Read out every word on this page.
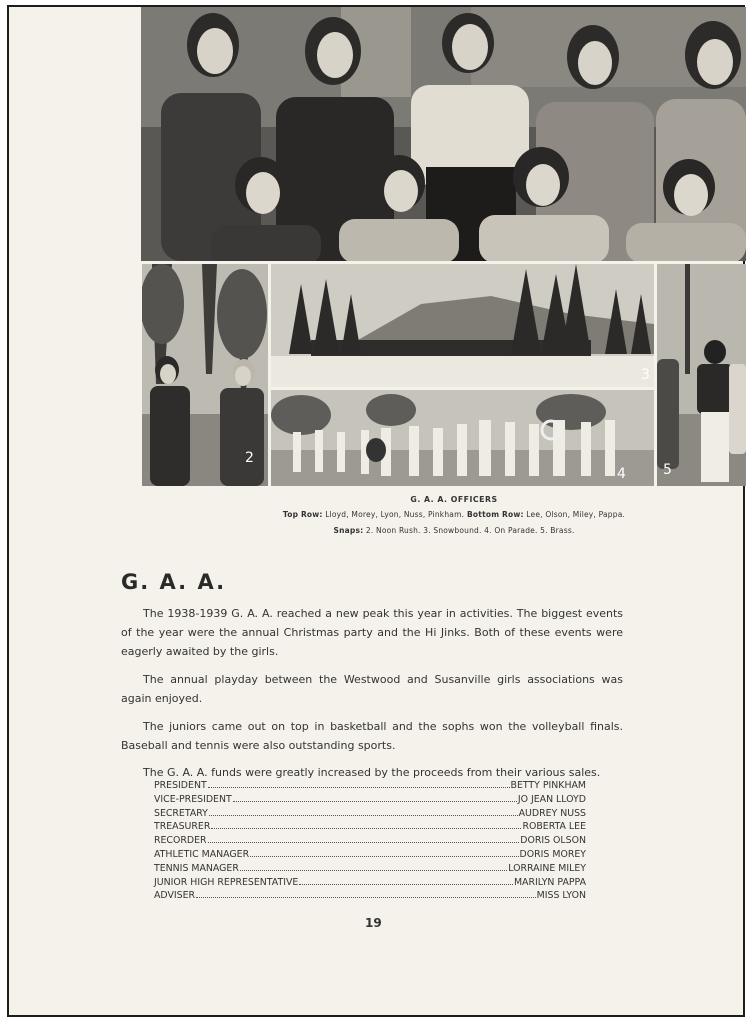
2
3
4	5
G. A. A. OFFICERS
Top Row: Lloyd, Morey, Lyon, Nuss, Pinkham. Bottom Row: Lee, Olson, Miley, Pappa.
Snaps: 2. Noon Rush. 3. Snowbound. 4. On Parade. 5. Brass.
G. A. A.

The 1938-1939 G. A. A. reached a new peak this year in activities. The biggest events of the year were the annual Christmas party and the Hi Jinks. Both of these events were eagerly awaited by the girls.

The annual playday between the Westwood and Susanville girls associations was again enjoyed.

The juniors came out on top in basketball and the sophs won the volleyball finals. Baseball and tennis were also outstanding sports.

The G. A. A. funds were greatly increased by the proceeds from their various sales.

PRESIDENT	BETTY PINKHAM
VICE-PRESIDENT	JO JEAN LLOYD
SECRETARY	AUDREY NUSS
TREASURER	ROBERTA LEE
RECORDER	DORIS OLSON
ATHLETIC MANAGER	DORIS MOREY
TENNIS MANAGER	LORRAINE MILEY
JUNIOR HIGH REPRESENTATIVE	MARILYN PAPPA
ADVISER	MISS LYON
19
